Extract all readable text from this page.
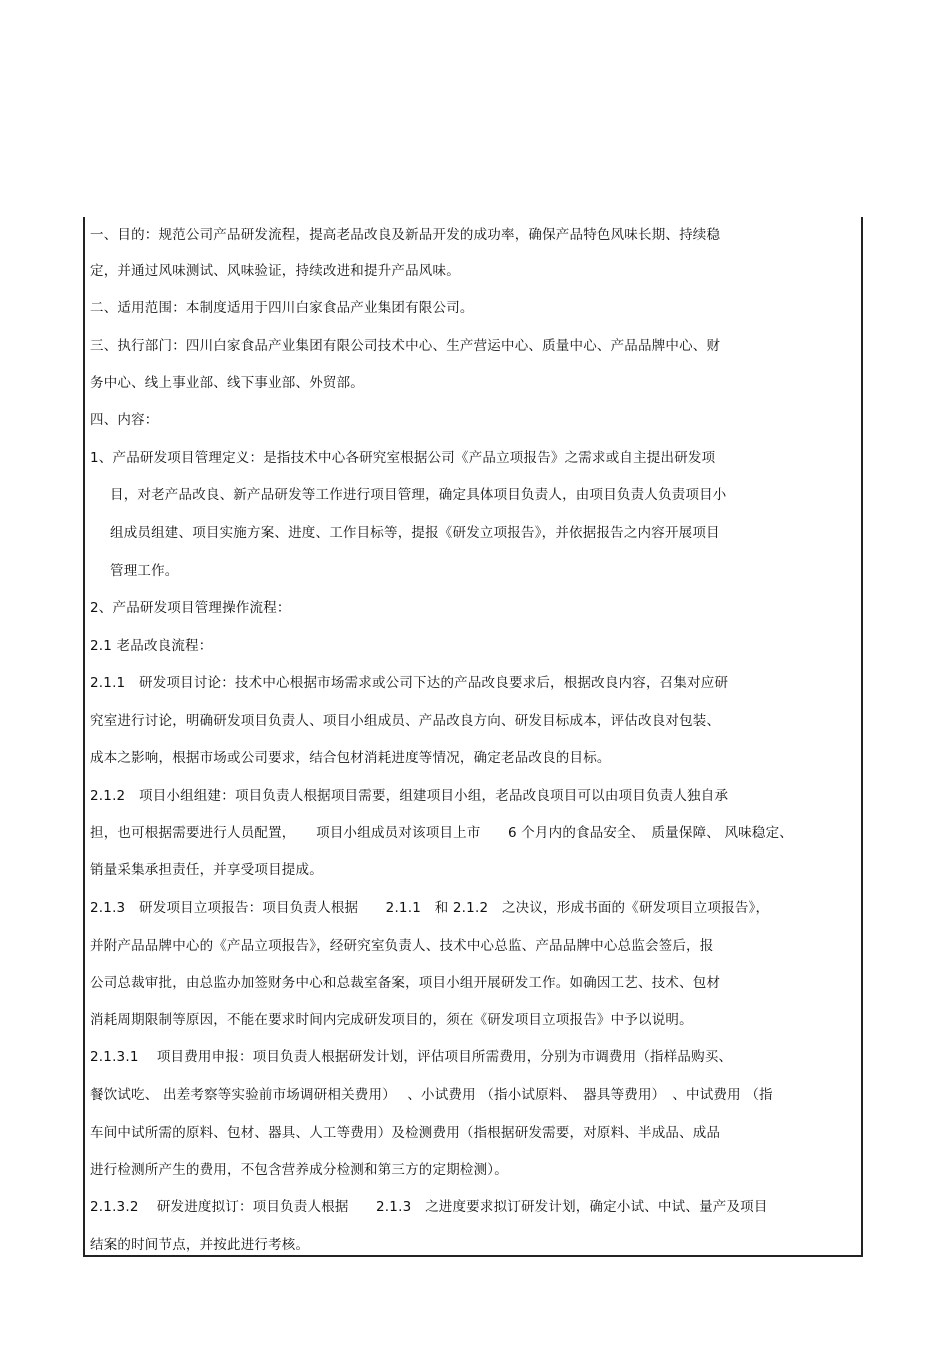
一、目的：规范公司产品研发流程，提高老品改良及新品开发的成功率，确保产品特色风味长期、持续稳
定，并通过风味测试、风味验证，持续改进和提升产品风味。
二、适用范围：本制度适用于四川白家食品产业集团有限公司。
三、执行部门：四川白家食品产业集团有限公司技术中心、生产营运中心、质量中心、产品品牌中心、财
务中心、线上事业部、线下事业部、外贸部。
四、内容：
1、产品研发项目管理定义：是指技术中心各研究室根据公司《产品立项报告》之需求或自主提出研发项
目，对老产品改良、新产品研发等工作进行项目管理，确定具体项目负责人，由项目负责人负责项目小
组成员组建、项目实施方案、进度、工作目标等，提报《研发立项报告》，并依据报告之内容开展项目
管理工作。
2、产品研发项目管理操作流程：
2.1 老品改良流程：
2.1.1　研发项目讨论：技术中心根据市场需求或公司下达的产品改良要求后，根据改良内容，召集对应研
究室进行讨论，明确研发项目负责人、项目小组成员、产品改良方向、研发目标成本，评估改良对包装、
成本之影响，根据市场或公司要求，结合包材消耗进度等情况，确定老品改良的目标。
2.1.2　项目小组组建：项目负责人根据项目需要，组建项目小组，老品改良项目可以由项目负责人独自承
担，也可根据需要进行人员配置，　　项目小组成员对该项目上市　　6 个月内的食品安全、　质量保障、 风味稳定、
销量采集承担责任，并享受项目提成。
2.1.3　研发项目立项报告：项目负责人根据　　2.1.1　和 2.1.2　之决议，形成书面的《研发项目立项报告》，
并附产品品牌中心的《产品立项报告》，经研究室负责人、技术中心总监、产品品牌中心总监会签后，报
公司总裁审批，由总监办加签财务中心和总裁室备案，项目小组开展研发工作。如确因工艺、技术、包材
消耗周期限制等原因，不能在要求时间内完成研发项目的，须在《研发项目立项报告》中予以说明。
2.1.3.1　 项目费用申报：项目负责人根据研发计划，评估项目所需费用，分别为市调费用（指样品购买、
餐饮试吃、 出差考察等实验前市场调研相关费用）　 、小试费用 （指小试原料、　器具等费用）　、中试费用 （指
车间中试所需的原料、包材、器具、人工等费用）及检测费用（指根据研发需要，对原料、半成品、成品
进行检测所产生的费用，不包含营养成分检测和第三方的定期检测）。
2.1.3.2　 研发进度拟订：项目负责人根据　　2.1.3　之进度要求拟订研发计划，确定小试、中试、量产及项目
结案的时间节点，并按此进行考核。
